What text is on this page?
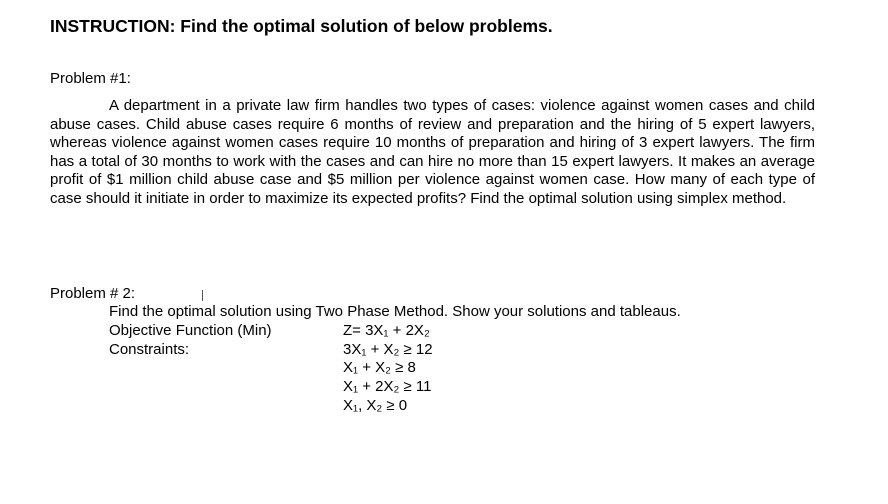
INSTRUCTION: Find the optimal solution of below problems.
Problem #1:

A department in a private law firm handles two types of cases: violence against women cases and child abuse cases. Child abuse cases require 6 months of review and preparation and the hiring of 5 expert lawyers, whereas violence against women cases require 10 months of preparation and hiring of 3 expert lawyers. The firm has a total of 30 months to work with the cases and can hire no more than 15 expert lawyers. It makes an average profit of $1 million child abuse case and $5 million per violence against women case. How many of each type of case should it initiate in order to maximize its expected profits? Find the optimal solution using simplex method.

Problem # 2:
Find the optimal solution using Two Phase Method. Show your solutions and tableaus.
Objective Function (Min)
Constraints:
Z= 3X₁ + 2X₂
3X₁ + X₂ ≥ 12
X₁ + X₂ ≥ 8
X₁ + 2X₂ ≥ 11
X₁, X₂ ≥ 0
